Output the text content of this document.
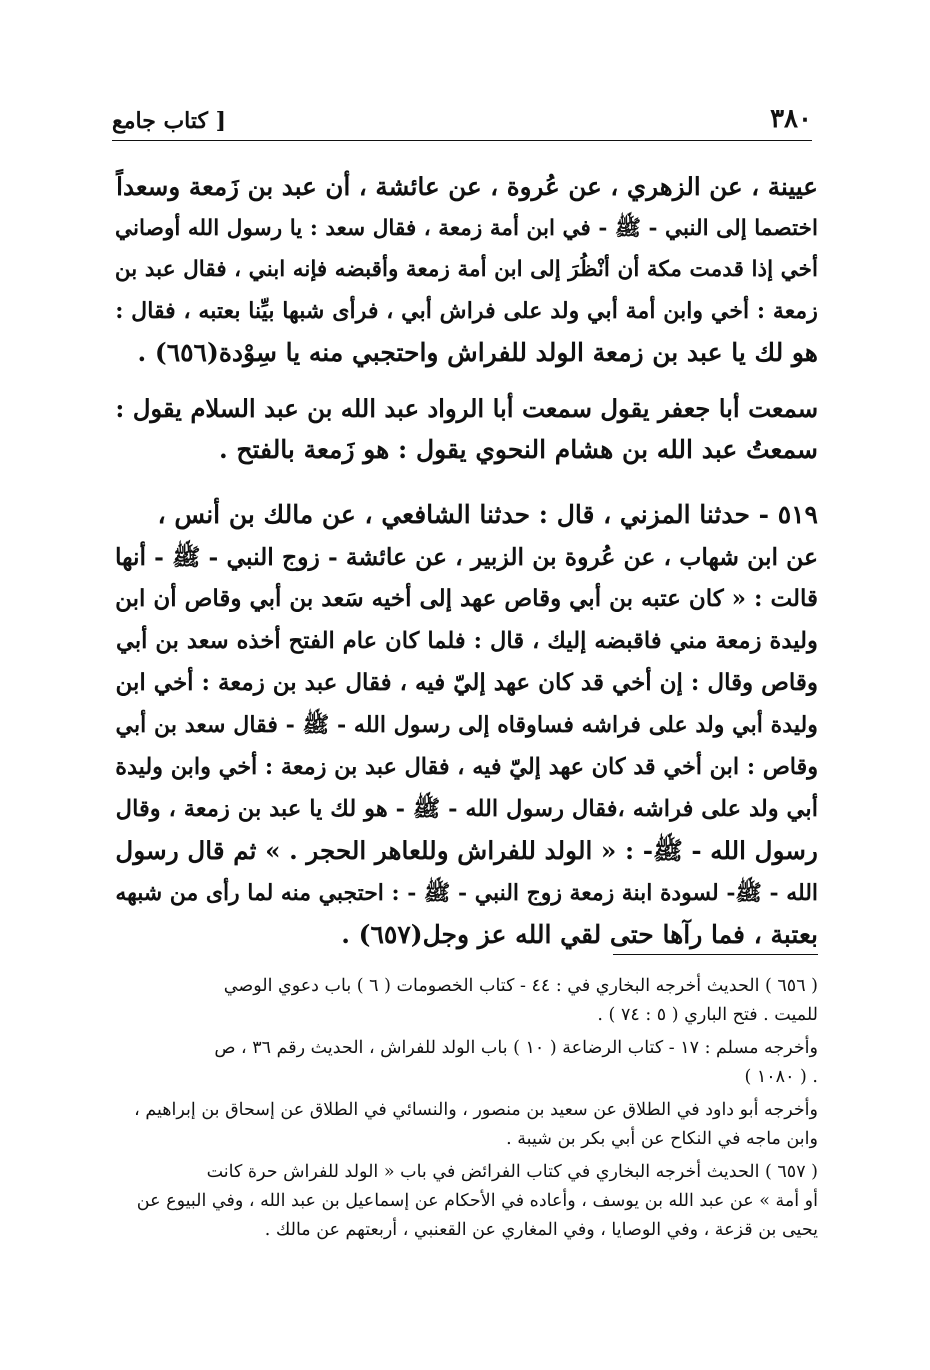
٣٨٠
[ كتاب جامع
عيينة ، عن الزهري ، عن عُروة ، عن عائشة ، أن عبد بن زَمعة وسعداً
اختصما إلى النبي - ﷺ - في ابن أمة زمعة ، فقال سعد : يا رسول الله أوصاني
أخي إذا قدمت مكة أن أنْظُرَ إلى ابن أمة زمعة وأقبضه فإنه ابني ، فقال عبد بن
زمعة : أخي وابن أمة أبي ولد على فراش أبي ، فرأى شبها بيِّنا بعتبه ، فقال :
هو لك يا عبد بن زمعة الولد للفراش واحتجبي منه يا سِوْدة(٦٥٦) .
سمعت أبا جعفر يقول سمعت أبا الرواد عبد الله بن عبد السلام يقول :
سمعتُ عبد الله بن هشام النحوي يقول : هو زَمعة بالفتح .
٥١٩ - حدثنا المزني ، قال : حدثنا الشافعي ، عن مالك بن أنس ،
عن ابن شهاب ، عن عُروة بن الزبير ، عن عائشة - زوج النبي - ﷺ - أنها
قالت : « كان عتبه بن أبي وقاص عهد إلى أخيه سَعد بن أبي وقاص أن ابن
وليدة زمعة مني فاقبضه إليك ، قال : فلما كان عام الفتح أخذه سعد بن أبي
وقاص وقال : إن أخي قد كان عهد إليّ فيه ، فقال عبد بن زمعة : أخي ابن
وليدة أبي ولد على فراشه فساوقاه إلى رسول الله - ﷺ - فقال سعد بن أبي
وقاص : ابن أخي قد كان عهد إليّ فيه ، فقال عبد بن زمعة : أخي وابن وليدة
أبي ولد على فراشه ،فقال رسول الله - ﷺ - هو لك يا عبد بن زمعة ، وقال
رسول الله - ﷺ- : « الولد للفراش وللعاهر الحجر . » ثم قال رسول
الله - ﷺ- لسودة ابنة زمعة زوج النبي - ﷺ - : احتجبي منه لما رأى من شبهه
بعتبة ، فما رآها حتى لقي الله عز وجل(٦٥٧) .
( ٦٥٦ ) الحديث أخرجه البخاري في : ٤٤ - كتاب الخصومات ( ٦ ) باب دعوي الوصي
للميت . فتح الباري ( ٥ : ٧٤ ) .
وأخرجه مسلم : ١٧ - كتاب الرضاعة ( ١٠ ) باب الولد للفراش ، الحديث رقم ٣٦ ، ص
. ( ١٠٨٠ )
وأخرجه أبو داود في الطلاق عن سعيد بن منصور ، والنسائي في الطلاق عن إسحاق بن إبراهيم ،
وابن ماجه في النكاح عن أبي بكر بن شيبة .
( ٦٥٧ ) الحديث أخرجه البخاري في كتاب الفرائض في باب « الولد للفراش حرة كانت
أو أمة » عن عبد الله بن يوسف ، وأعاده في الأحكام عن إسماعيل بن عبد الله ، وفي البيوع عن
يحيى بن قزعة ، وفي الوصايا ، وفي المغاري عن القعنبي ، أربعتهم عن مالك .
